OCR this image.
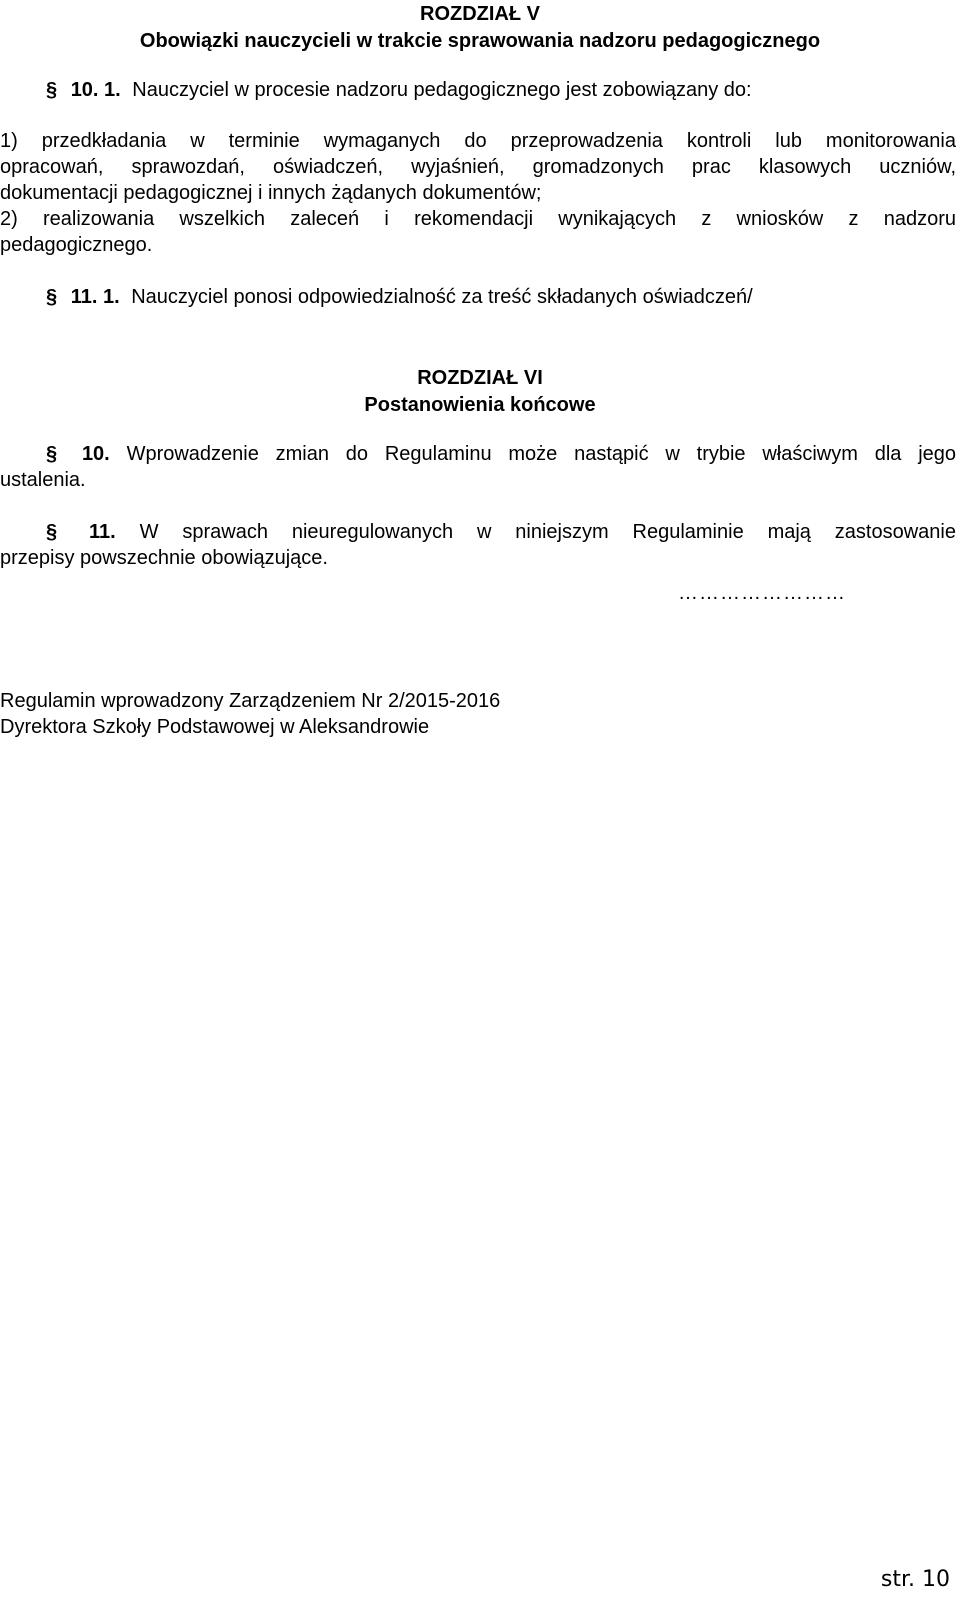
ROZDZIAŁ V
Obowiązki nauczycieli w trakcie sprawowania nadzoru pedagogicznego
§ 10. 1. Nauczyciel w procesie nadzoru pedagogicznego jest zobowiązany do:
1) przedkładania w terminie wymaganych do przeprowadzenia kontroli lub monitorowania
opracowań, sprawozdań, oświadczeń, wyjaśnień, gromadzonych prac klasowych uczniów,
dokumentacji pedagogicznej i innych żądanych dokumentów;
2) realizowania wszelkich zaleceń i rekomendacji wynikających z wniosków z nadzoru
pedagogicznego.
§ 11. 1. Nauczyciel ponosi odpowiedzialność za treść składanych oświadczeń/
ROZDZIAŁ VI
Postanowienia końcowe
§ 10. Wprowadzenie zmian do Regulaminu może nastąpić w trybie właściwym dla jego
ustalenia.
§ 11. W sprawach nieuregulowanych w niniejszym Regulaminie mają zastosowanie
przepisy powszechnie obowiązujące.
……………………
Regulamin wprowadzony Zarządzeniem Nr 2/2015-2016
Dyrektora Szkoły Podstawowej w Aleksandrowie
str. 10
